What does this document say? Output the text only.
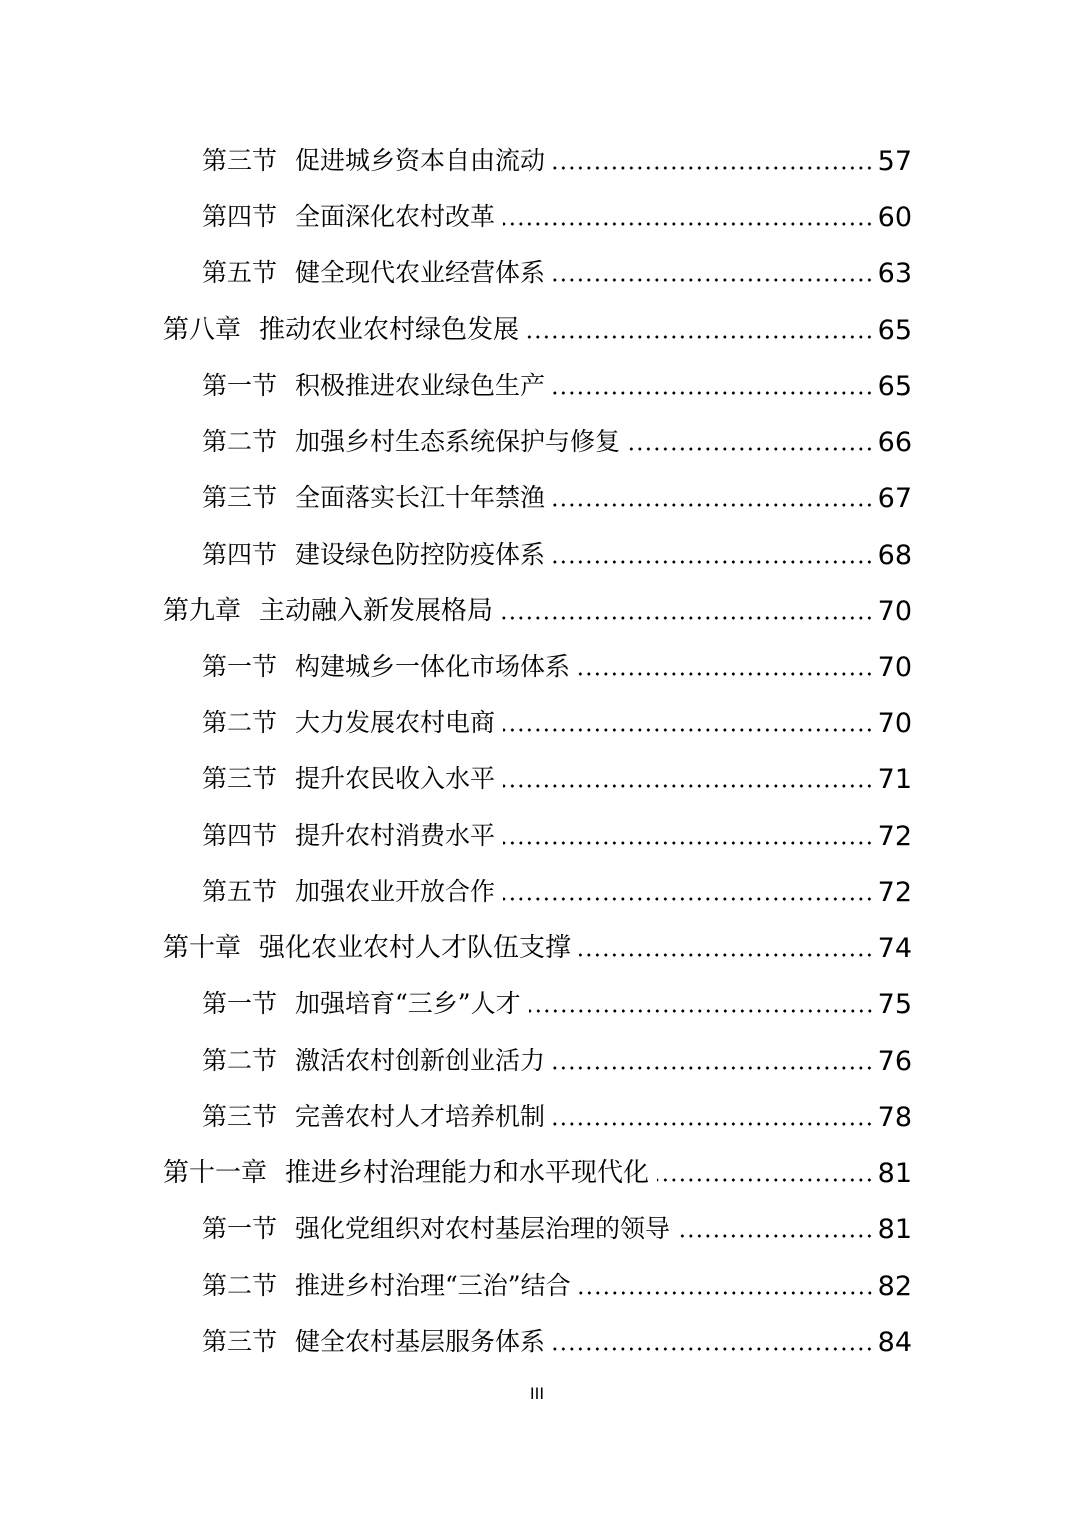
第三节 促进城乡资本自由流动	57
第四节 全面深化农村改革	60
第五节 健全现代农业经营体系	63
第八章 推动农业农村绿色发展	65
第一节 积极推进农业绿色生产	65
第二节 加强乡村生态系统保护与修复	66
第三节 全面落实长江十年禁渔	67
第四节 建设绿色防控防疫体系	68
第九章 主动融入新发展格局	70
第一节 构建城乡一体化市场体系	70
第二节 大力发展农村电商	70
第三节 提升农民收入水平	71
第四节 提升农村消费水平	72
第五节 加强农业开放合作	72
第十章 强化农业农村人才队伍支撑	74
第一节 加强培育“三乡”人才	75
第二节 激活农村创新创业活力	76
第三节 完善农村人才培养机制	78
第十一章 推进乡村治理能力和水平现代化	81
第一节 强化党组织对农村基层治理的领导	81
第二节 推进乡村治理“三治”结合	82
第三节 健全农村基层服务体系	84
III
